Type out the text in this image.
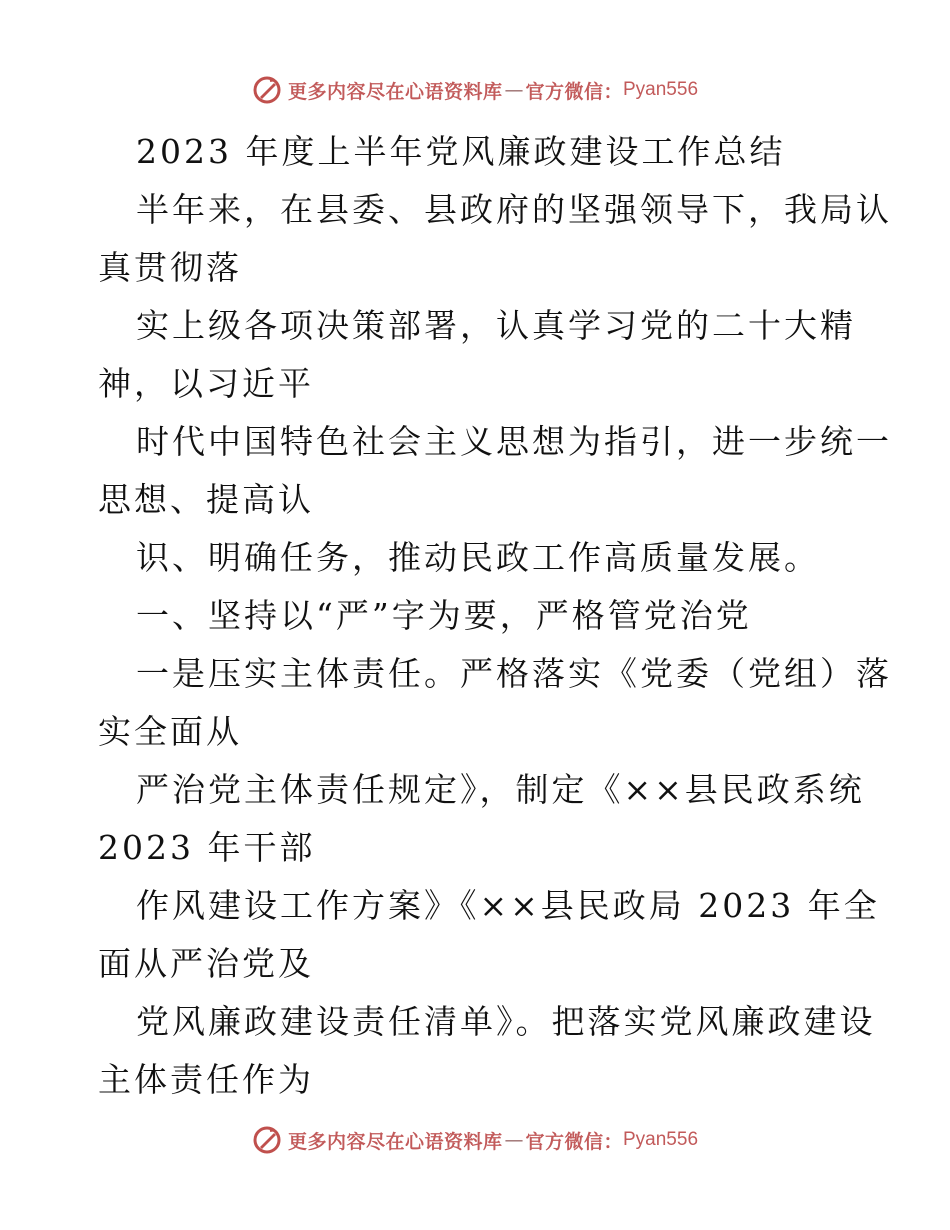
更多内容尽在心语资料库 — 官方微信： Pyan556
2023 年度上半年党风廉政建设工作总结
半年来，在县委、县政府的坚强领导下，我局认
真贯彻落
实上级各项决策部署，认真学习党的二十大精
神，以习近平
时代中国特色社会主义思想为指引，进一步统一
思想、提高认
识、明确任务，推动民政工作高质量发展。
一、坚持以“严”字为要，严格管党治党
一是压实主体责任。严格落实《党委（党组）落
实全面从
严治党主体责任规定》，制定《××县民政系统
2023 年干部
作风建设工作方案》《××县民政局 2023 年全
面从严治党及
党风廉政建设责任清单》。把落实党风廉政建设
主体责任作为
更多内容尽在心语资料库 — 官方微信： Pyan556
